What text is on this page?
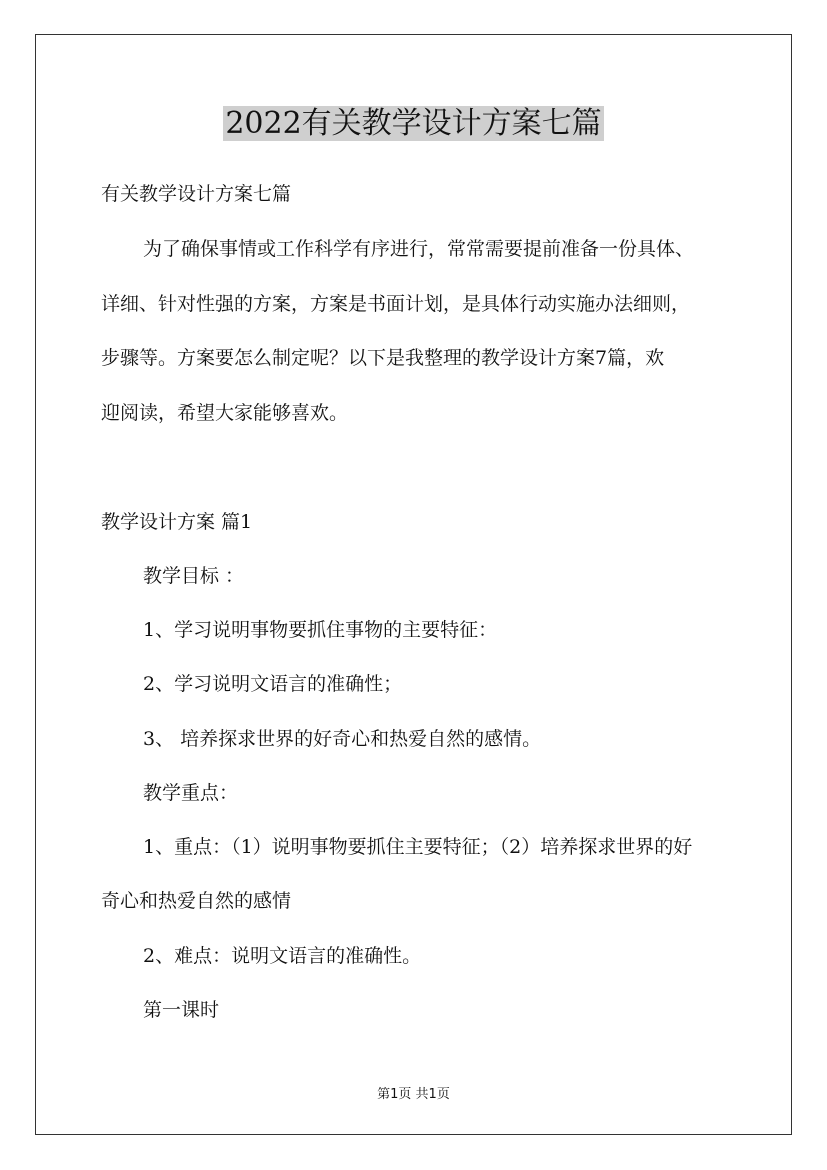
2022有关教学设计方案七篇

有关教学设计方案七篇

为了确保事情或工作科学有序进行，常常需要提前准备一份具体、

详细、针对性强的方案，方案是书面计划，是具体行动实施办法细则，

步骤等。方案要怎么制定呢？以下是我整理的教学设计方案7篇，欢

迎阅读，希望大家能够喜欢。

教学设计方案 篇1

教学目标 ：

1、学习说明事物要抓住事物的主要特征：

2、学习说明文语言的准确性；

3、 培养探求世界的好奇心和热爱自然的感情。

教学重点：

1、重点：（1）说明事物要抓住主要特征；（2）培养探求世界的好

奇心和热爱自然的感情

2、难点：说明文语言的准确性。

第一课时

第1页 共1页
